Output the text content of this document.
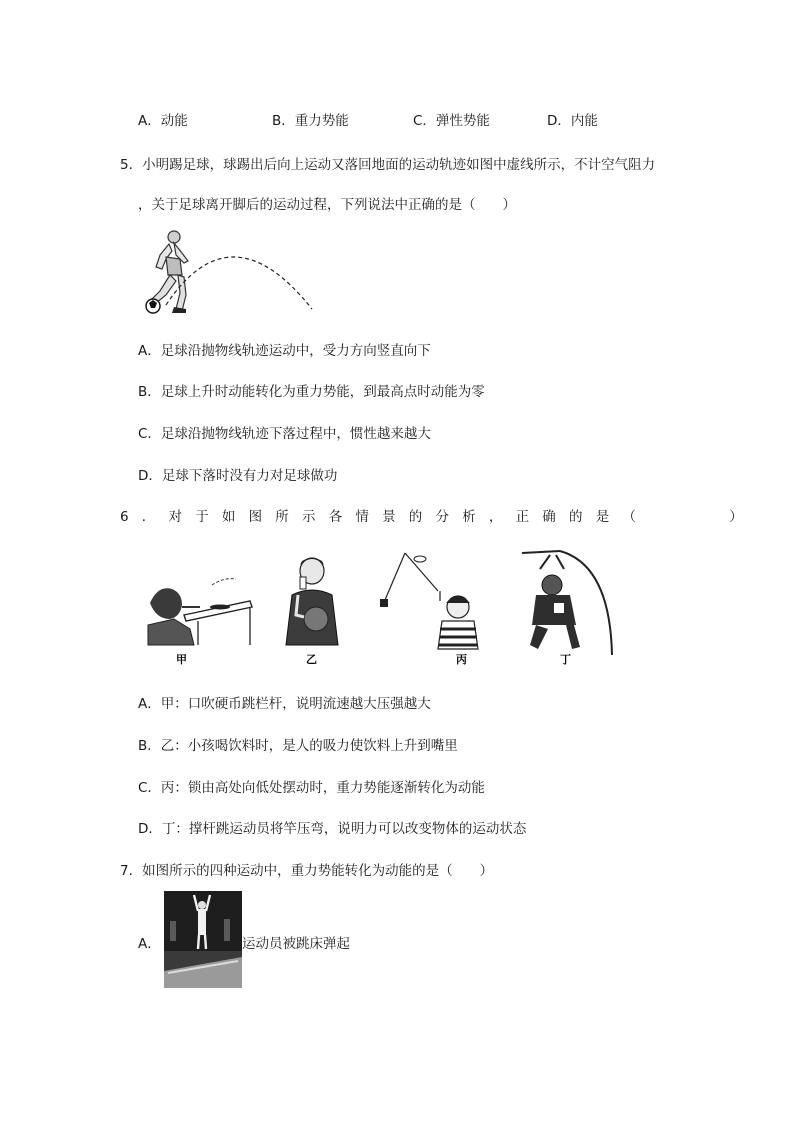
A．动能	B．重力势能	C．弹性势能	D．内能
5．小明踢足球，球踢出后向上运动又落回地面的运动轨迹如图中虚线所示，不计空气阻力
，关于足球离开脚后的运动过程，下列说法中正确的是（　　）
A．足球沿抛物线轨迹运动中，受力方向竖直向下
B．足球上升时动能转化为重力势能，到最高点时动能为零
C．足球沿抛物线轨迹下落过程中，惯性越来越大
D．足球下落时没有力对足球做功
6．对于如图所示各情景的分析，正确的是（　　　）
甲	乙	丙	丁
A．甲：口吹硬币跳栏杆，说明流速越大压强越大
B．乙：小孩喝饮料时，是人的吸力使饮料上升到嘴里
C．丙：锁由高处向低处摆动时，重力势能逐渐转化为动能
D．丁：撑杆跳运动员将竿压弯，说明力可以改变物体的运动状态
7．如图所示的四种运动中，重力势能转化为动能的是（　　）
A．	运动员被跳床弹起
